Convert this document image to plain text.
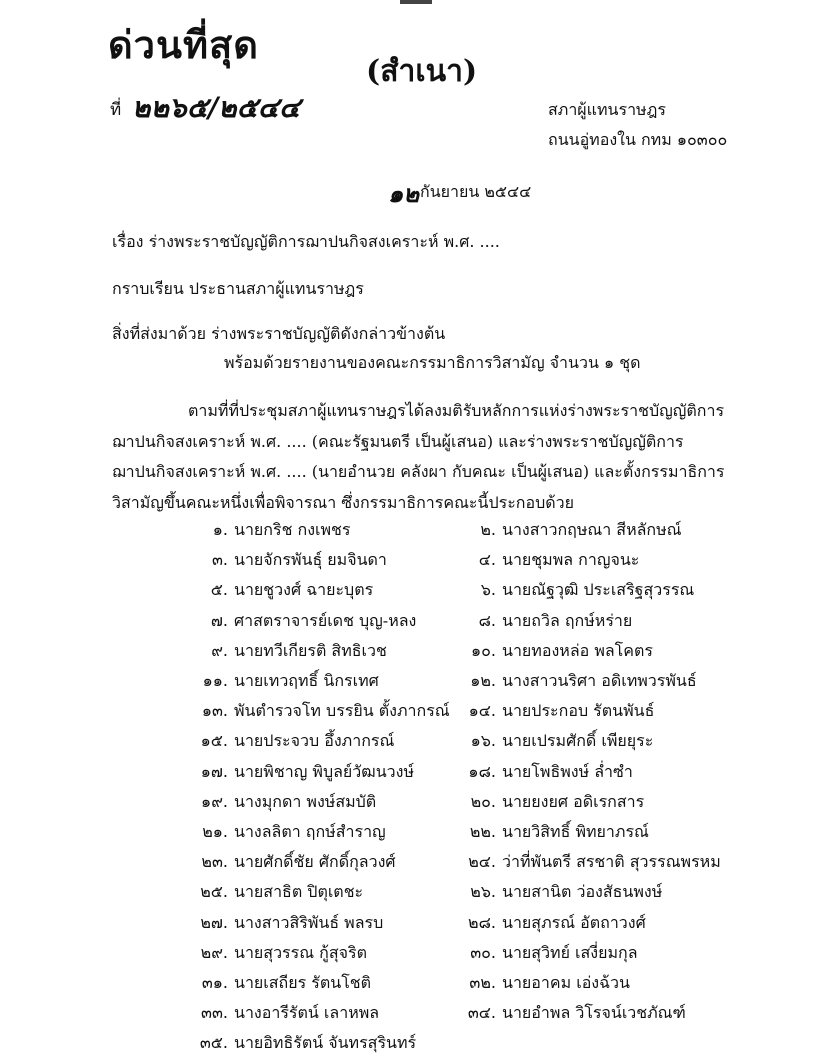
ด่วนที่สุด
(สำเนา)
ที่ ๒๒๖๕/๒๕๔๔	สภาผู้แทนราษฎร
ถนนอู่ทองใน กทม ๑๐๓๐๐
๑๒ กันยายน ๒๕๔๔
เรื่อง ร่างพระราชบัญญัติการฌาปนกิจสงเคราะห์ พ.ศ. ....
กราบเรียน ประธานสภาผู้แทนราษฎร
สิ่งที่ส่งมาด้วย ร่างพระราชบัญญัติดังกล่าวข้างต้น
พร้อมด้วยรายงานของคณะกรรมาธิการวิสามัญ จำนวน ๑ ชุด
ตามที่ที่ประชุมสภาผู้แทนราษฎรได้ลงมติรับหลักการแห่งร่างพระราชบัญญัติการฌาปนกิจสงเคราะห์ พ.ศ. .... (คณะรัฐมนตรี เป็นผู้เสนอ) และร่างพระราชบัญญัติการฌาปนกิจสงเคราะห์ พ.ศ. .... (นายอำนวย คลังผา กับคณะ เป็นผู้เสนอ) และตั้งกรรมาธิการวิสามัญขึ้นคณะหนึ่งเพื่อพิจารณา ซึ่งกรรมาธิการคณะนี้ประกอบด้วย
๑. นายกริช กงเพชร	๒. นางสาวกฤษณา สีหลักษณ์
๓. นายจักรพันธุ์ ยมจินดา	๔. นายชุมพล กาญจนะ
๕. นายชูวงศ์ ฉายะบุตร	๖. นายณัฐวุฒิ ประเสริฐสุวรรณ
๗. ศาสตราจารย์เดช บุญ-หลง	๘. นายถวิล ฤกษ์หร่าย
๙. นายทวีเกียรติ สิทธิเวช	๑๐. นายทองหล่อ พลโคตร
๑๑. นายเทวฤทธิ์ นิกรเทศ	๑๒. นางสาวนริศา อดิเทพวรพันธ์
๑๓. พันตำรวจโท บรรยิน ตั้งภากรณ์	๑๔. นายประกอบ รัตนพันธ์
๑๕. นายประจวบ อึ้งภากรณ์	๑๖. นายเปรมศักดิ์ เพียยุระ
๑๗. นายพิชาญ พิบูลย์วัฒนวงษ์	๑๘. นายโพธิพงษ์ ล่ำซำ
๑๙. นางมุกดา พงษ์สมบัติ	๒๐. นายยงยศ อดิเรกสาร
๒๑. นางลลิตา ฤกษ์สำราญ	๒๒. นายวิสิทธิ์ พิทยาภรณ์
๒๓. นายศักดิ์ชัย ศักดิ์กุลวงศ์	๒๔. ว่าที่พันตรี สรชาติ สุวรรณพรหม
๒๕. นายสาธิต ปิตุเตชะ	๒๖. นายสานิต ว่องสัธนพงษ์
๒๗. นางสาวสิริพันธ์ พลรบ	๒๘. นายสุภรณ์ อัตถาวงศ์
๒๙. นายสุวรรณ กู้สุจริต	๓๐. นายสุวิทย์ เสงี่ยมกุล
๓๑. นายเสถียร รัตนโชติ	๓๒. นายอาคม เอ่งฉ้วน
๓๓. นางอารีรัตน์ เลาหพล	๓๔. นายอำพล วิโรจน์เวชภัณฑ์
๓๕. นายอิทธิรัตน์ จันทรสุรินทร์
